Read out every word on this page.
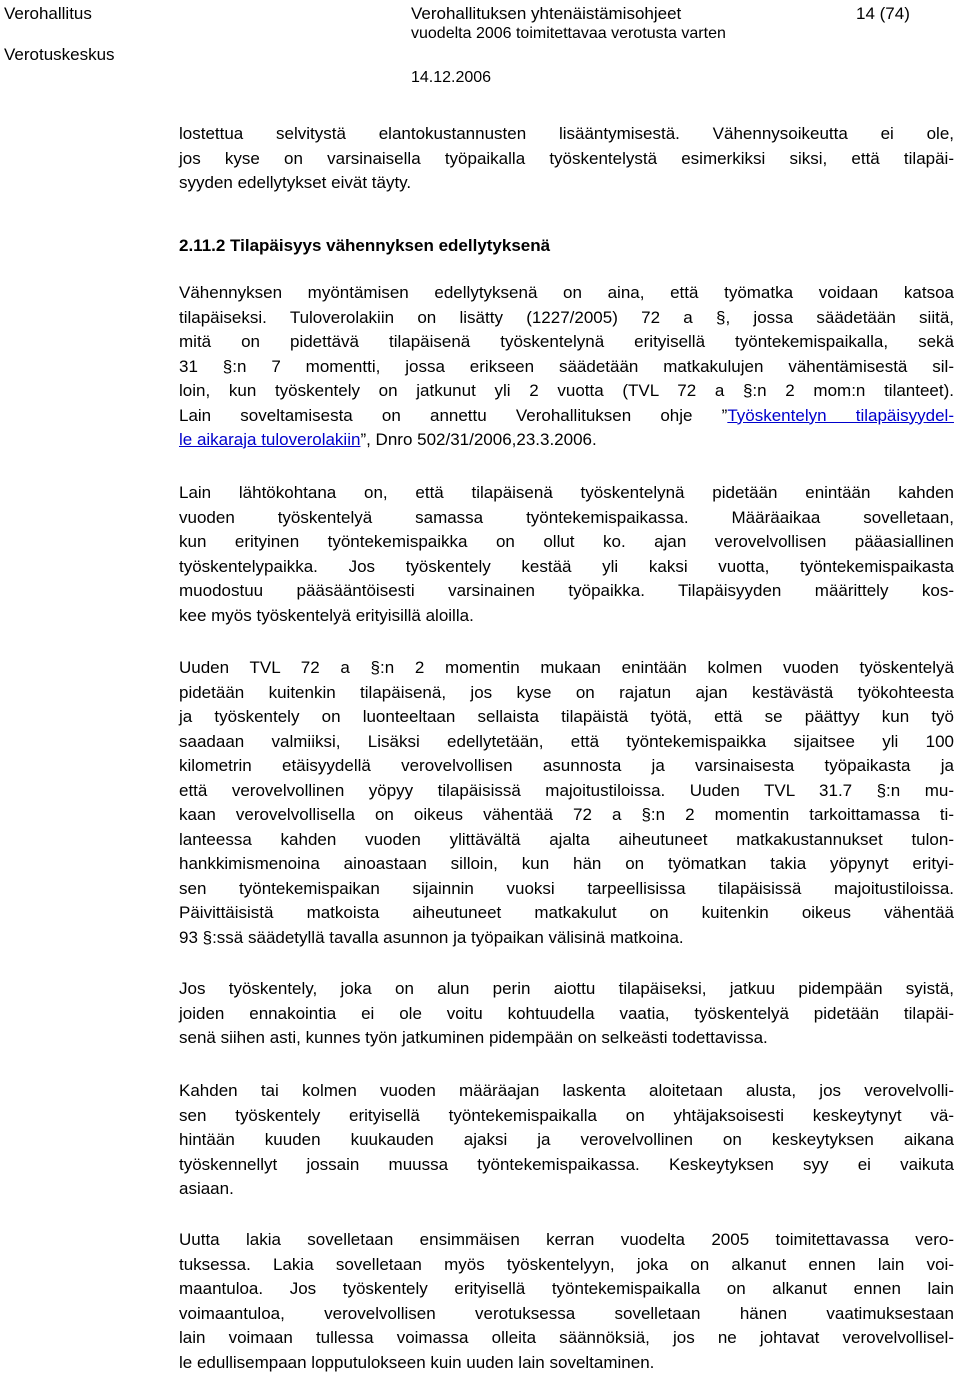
Verohallitus
Verotuskeskus
Verohallituksen yhtenäistämisohjeet
vuodelta 2006 toimitettavaa verotusta varten
14.12.2006
14 (74)
lostettua selvitystä elantokustannusten lisääntymisestä. Vähennysoikeutta ei ole,
jos kyse on varsinaisella työpaikalla työskentelystä esimerkiksi siksi, että tilapäi-
syyden edellytykset eivät täyty.
2.11.2 Tilapäisyys vähennyksen edellytyksenä
Vähennyksen myöntämisen edellytyksenä on aina, että työmatka voidaan katsoa
tilapäiseksi. Tuloverolakiin on lisätty (1227/2005) 72 a §, jossa säädetään siitä,
mitä on pidettävä tilapäisenä työskentelynä erityisellä työntekemispaikalla, sekä
31 §:n 7 momentti, jossa erikseen säädetään matkakulujen vähentämisestä sil-
loin, kun työskentely on jatkunut yli 2 vuotta (TVL 72 a §:n 2 mom:n tilanteet).
Lain soveltamisesta on annettu Verohallituksen ohje ”Työskentelyn tilapäisyydel-
le aikaraja tuloverolakiin”, Dnro 502/31/2006,23.3.2006.
Lain lähtökohtana on, että tilapäisenä työskentelynä pidetään enintään kahden
vuoden työskentelyä samassa työntekemispaikassa. Määräaikaa sovelletaan,
kun erityinen työntekemispaikka on ollut ko. ajan verovelvollisen pääasiallinen
työskentelypaikka. Jos työskentely kestää yli kaksi vuotta, työntekemispaikasta
muodostuu pääsääntöisesti varsinainen työpaikka. Tilapäisyyden määrittely kos-
kee myös työskentelyä erityisillä aloilla.
Uuden TVL 72 a §:n 2 momentin mukaan enintään kolmen vuoden työskentelyä
pidetään kuitenkin tilapäisenä, jos kyse on rajatun ajan kestävästä työkohteesta
ja työskentely on luonteeltaan sellaista tilapäistä työtä, että se päättyy kun työ
saadaan valmiiksi, Lisäksi edellytetään, että työntekemispaikka sijaitsee yli 100
kilometrin etäisyydellä verovelvollisen asunnosta ja varsinaisesta työpaikasta ja
että verovelvollinen yöpyy tilapäisissä majoitustiloissa. Uuden TVL 31.7 §:n mu-
kaan verovelvollisella on oikeus vähentää 72 a §:n 2 momentin tarkoittamassa ti-
lanteessa kahden vuoden ylittävältä ajalta aiheutuneet matkakustannukset tulon-
hankkimismenoina ainoastaan silloin, kun hän on työmatkan takia yöpynyt erityi-
sen työntekemispaikan sijainnin vuoksi tarpeellisissa tilapäisissä majoitustiloissa.
Päivittäisistä matkoista aiheutuneet matkakulut on kuitenkin oikeus vähentää
93 §:ssä säädetyllä tavalla asunnon ja työpaikan välisinä matkoina.
Jos työskentely, joka on alun perin aiottu tilapäiseksi, jatkuu pidempään syistä,
joiden ennakointia ei ole voitu kohtuudella vaatia, työskentelyä pidetään tilapäi-
senä siihen asti, kunnes työn jatkuminen pidempään on selkeästi todettavissa.
Kahden tai kolmen vuoden määräajan laskenta aloitetaan alusta, jos verovelvolli-
sen työskentely erityisellä työntekemispaikalla on yhtäjaksoisesti keskeytynyt vä-
hintään kuuden kuukauden ajaksi ja verovelvollinen on keskeytyksen aikana
työskennellyt jossain muussa työntekemispaikassa. Keskeytyksen syy ei vaikuta
asiaan.
Uutta lakia sovelletaan ensimmäisen kerran vuodelta 2005 toimitettavassa vero-
tuksessa. Lakia sovelletaan myös työskentelyyn, joka on alkanut ennen lain voi-
maantuloa. Jos työskentely erityisellä työntekemispaikalla on alkanut ennen lain
voimaantuloa, verovelvollisen verotuksessa sovelletaan hänen vaatimuksestaan
lain voimaan tullessa voimassa olleita säännöksiä, jos ne johtavat verovelvollisel-
le edullisempaan lopputulokseen kuin uuden lain soveltaminen.
